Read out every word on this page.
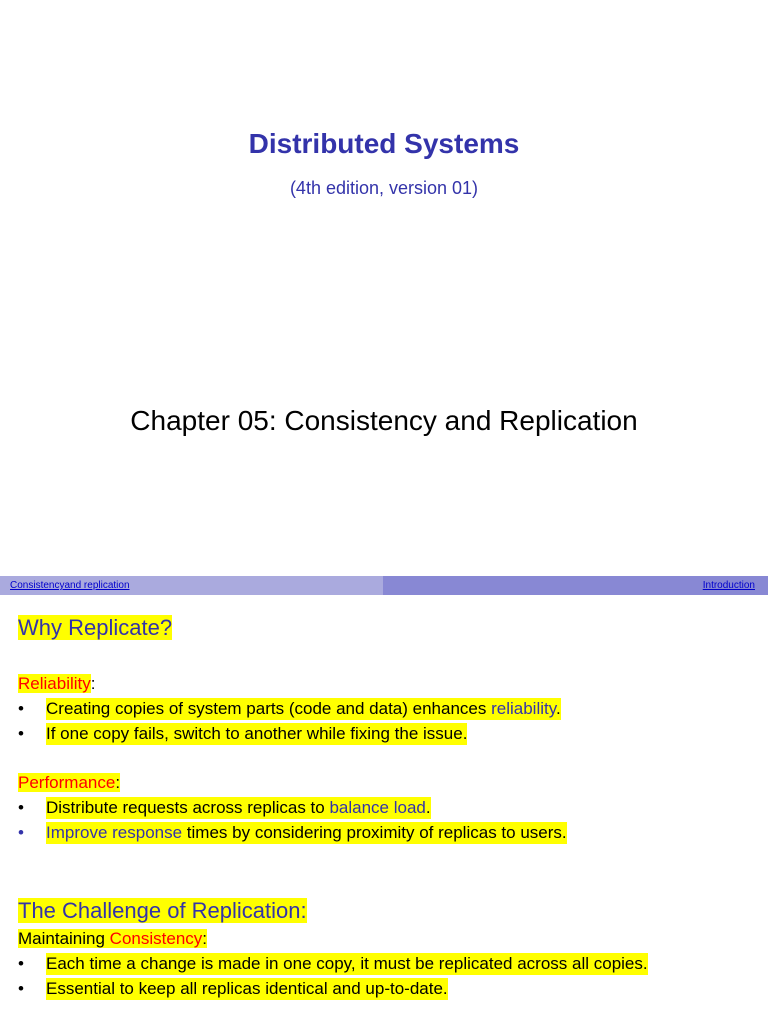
Distributed Systems
(4th edition, version 01)
Chapter 05: Consistency and Replication
Consistency and replication	Introduction
Why Replicate?
Reliability:
•	Creating copies of system parts (code and data) enhances reliability.
•	If one copy fails, switch to another while fixing the issue.
Performance:
•	Distribute requests across replicas to balance load.
•	Improve response times by considering proximity of replicas to users.
The Challenge of Replication:
Maintaining Consistency:
•	Each time a change is made in one copy, it must be replicated across all copies.
•	Essential to keep all replicas identical and up-to-date.
